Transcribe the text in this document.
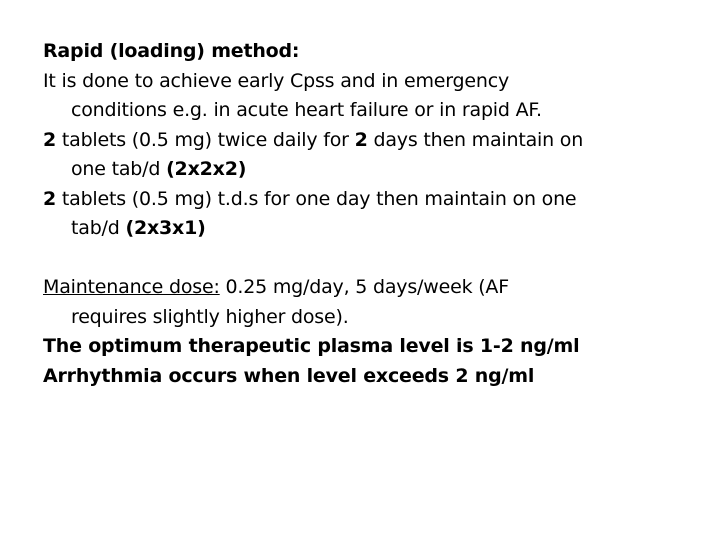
Rapid (loading) method:
It is done to achieve early Cpss and in emergency
conditions e.g. in acute heart failure or in rapid AF.
2 tablets (0.5 mg) twice daily for 2 days then maintain on
one tab/d (2x2x2)
2 tablets (0.5 mg) t.d.s for one day then maintain on one
tab/d (2x3x1)
Maintenance dose: 0.25 mg/day, 5 days/week (AF
requires slightly higher dose).
The optimum therapeutic plasma level is 1-2 ng/ml
Arrhythmia occurs when level exceeds 2 ng/ml
